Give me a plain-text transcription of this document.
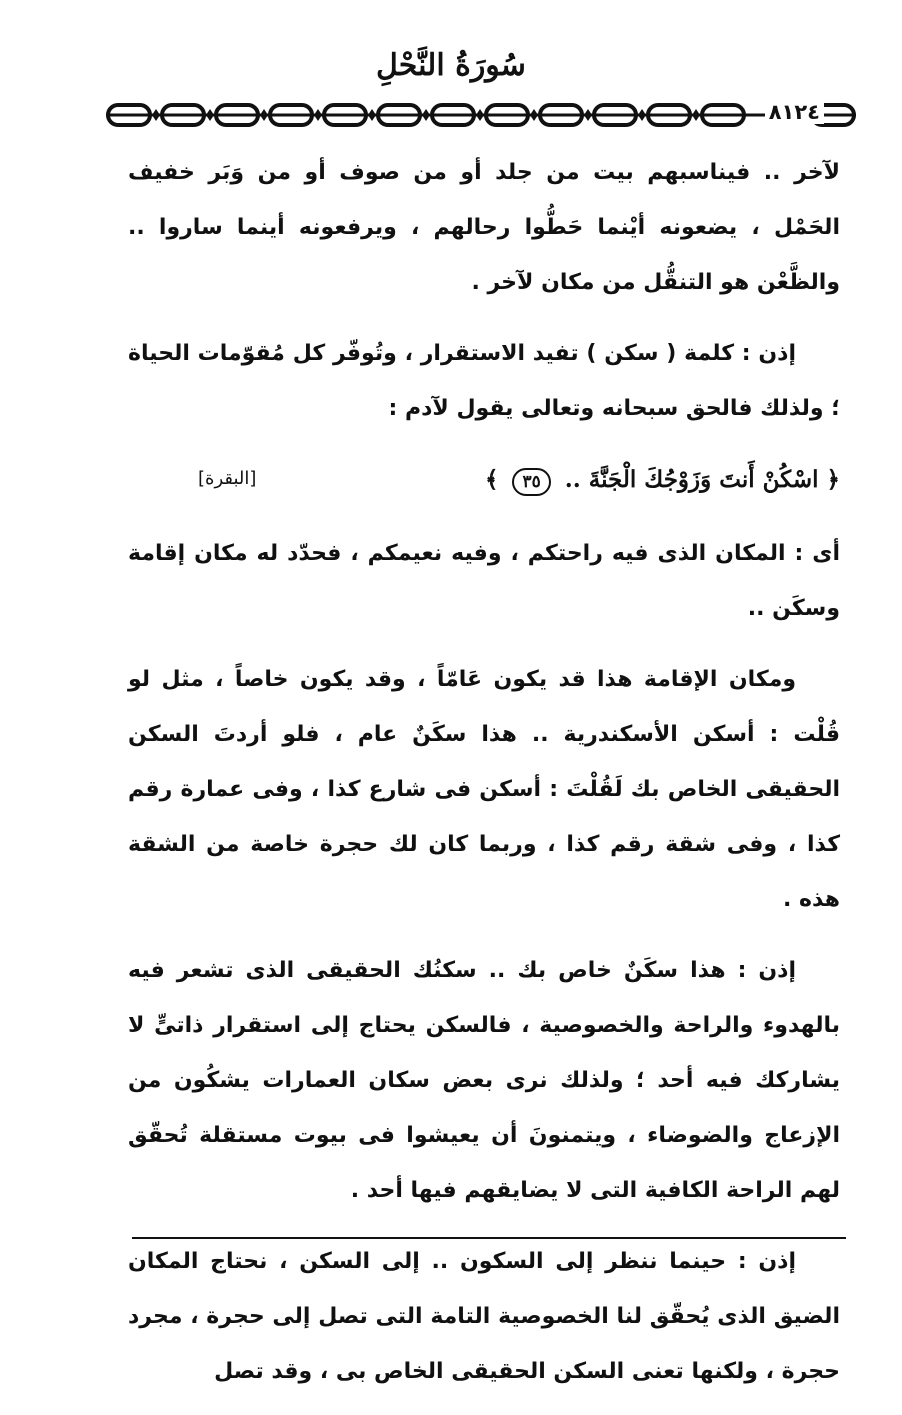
سُورَةُ النَّحْلِ
٨١٢٤

لآخر .. فيناسبهم بيت من جلد أو من صوف أو من وَبَر خفيف الحَمْل ، يضعونه أيْنما حَطُّوا رحالهم ، ويرفعونه أينما ساروا .. والظَّعْن هو التنقُّل من مكان لآخر .

إذن : كلمة ( سكن ) تفيد الاستقرار ، وتُوفّر كل مُقوّمات الحياة ؛ ولذلك فالحق سبحانه وتعالى يقول لآدم :

﴿ اسْكُنْ أَنتَ وَزَوْجُكَ الْجَنَّةَ .. ٣٥ ﴾
[البقرة]

أى : المكان الذى فيه راحتكم ، وفيه نعيمكم ، فحدّد له مكان إقامة وسكَن ..

ومكان الإقامة هذا قد يكون عَامّاً ، وقد يكون خاصاً ، مثل لو قُلْت : أسكن الأسكندرية .. هذا سكَنٌ عام ، فلو أردتَ السكن الحقيقى الخاص بك لَقُلْتَ : أسكن فى شارع كذا ، وفى عمارة رقم كذا ، وفى شقة رقم كذا ، وربما كان لك حجرة خاصة من الشقة هذه .

إذن : هذا سكَنٌ خاص بك .. سكنُك الحقيقى الذى تشعر فيه بالهدوء والراحة والخصوصية ، فالسكن يحتاج إلى استقرار ذاتىٍّ لا يشاركك فيه أحد ؛ ولذلك نرى بعض سكان العمارات يشكُون من الإزعاج والضوضاء ، ويتمنونَ أن يعيشوا فى بيوت مستقلة تُحقّق لهم الراحة الكافية التى لا يضايقهم فيها أحد .

إذن : حينما ننظر إلى السكون .. إلى السكن ، نحتاج المكان الضيق الذى يُحقّق لنا الخصوصية التامة التى تصل إلى حجرة ، مجرد حجرة ، ولكنها تعنى السكن الحقيقى الخاص بى ، وقد تصل
